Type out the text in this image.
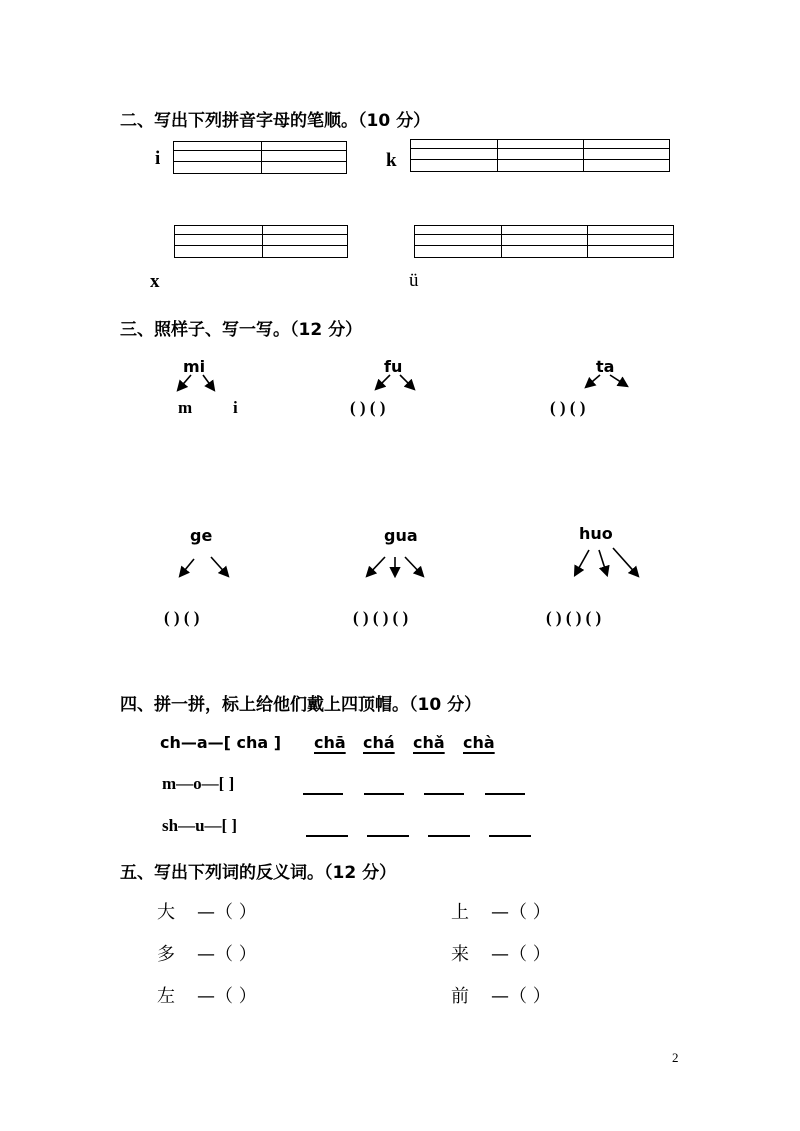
二、写出下列拼音字母的笔顺。（10 分）
i	k
x	ü
三、照样子、写一写。（12 分）
mi
m i
fu
( ) ( )
ta
( ) ( )
ge
( ) ( )
gua
( ) ( ) ( )
huo
( ) ( ) ( )
四、拼一拼，标上给他们戴上四顶帽。（10 分）
ch—a—[ cha ] chā chá chǎ chà
m—o—[ ]
sh—u—[ ]
五、写出下列词的反义词。（12 分）
大 —（ ）
多 —（ ）
左 —（ ）
上 —（ ）
来 —（ ）
前 —（ ）
2
